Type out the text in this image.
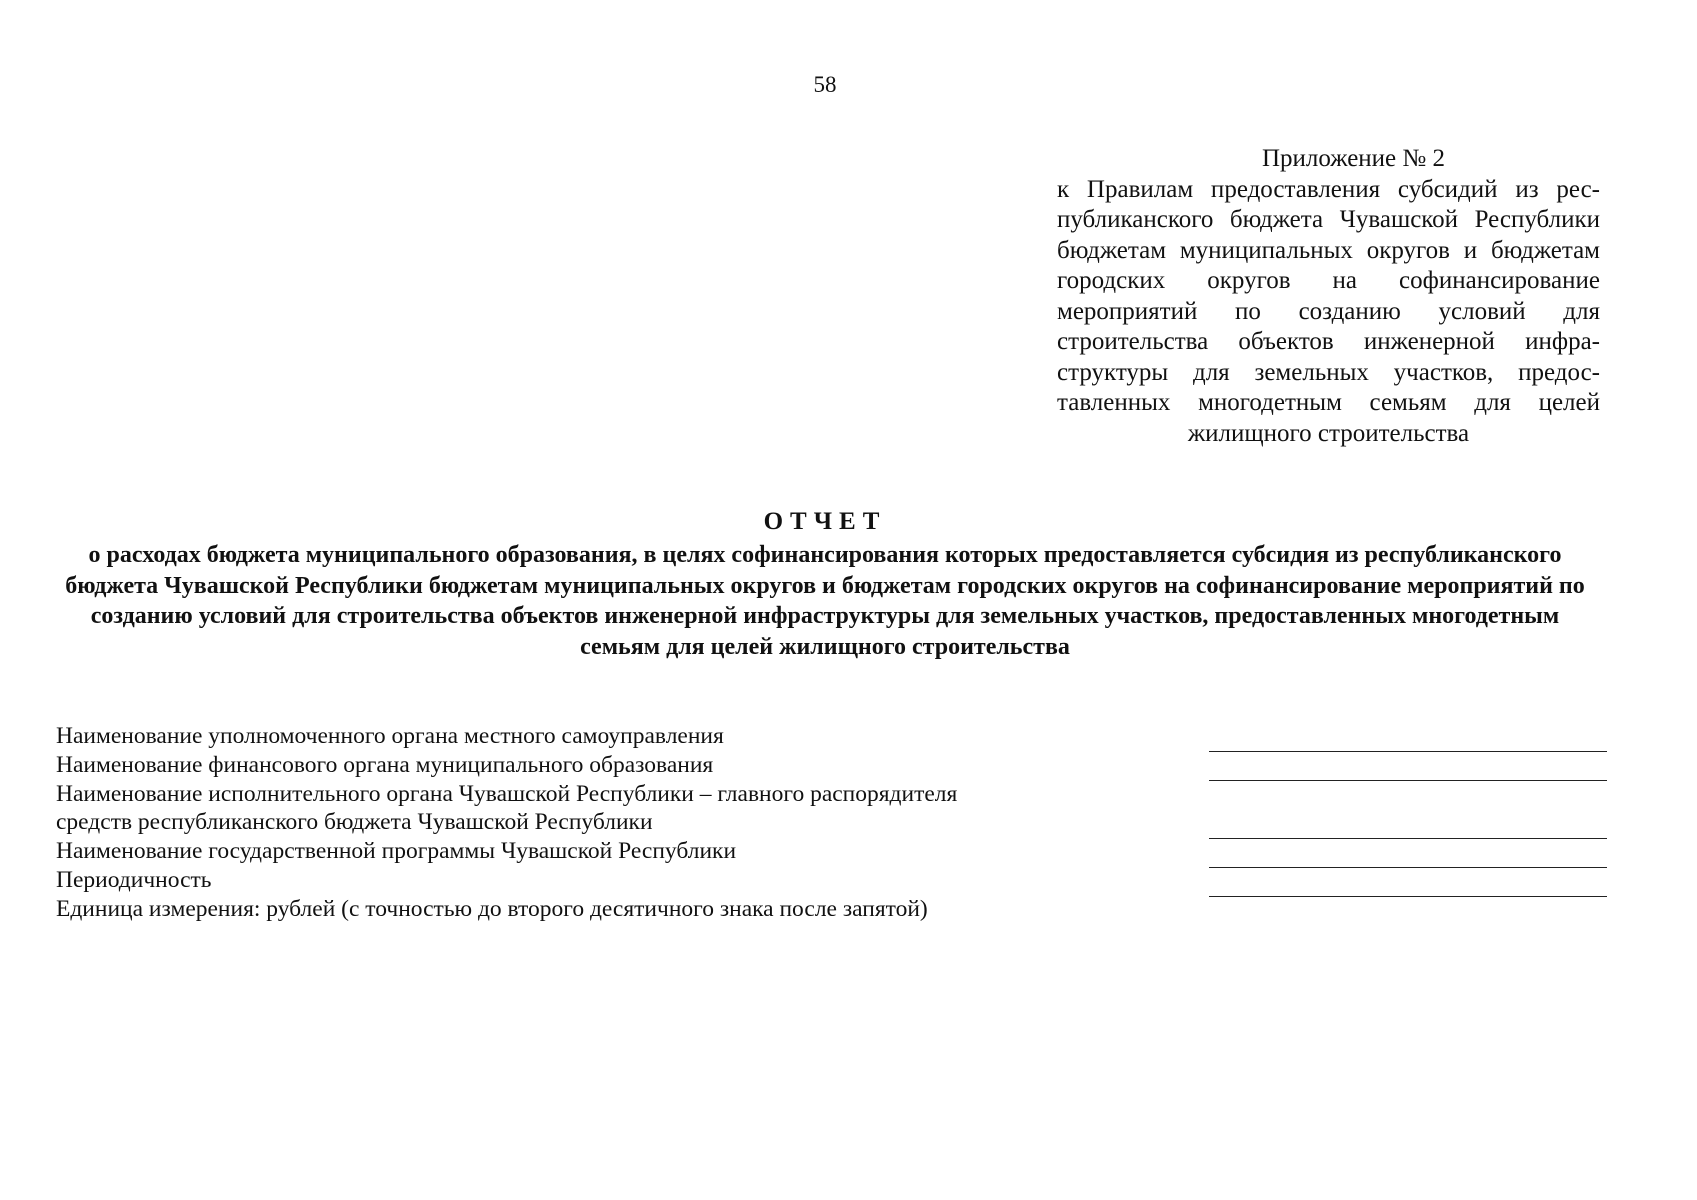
58
Приложение № 2
к Правилам предоставления субсидий из республиканского бюджета Чувашской Республики бюджетам муниципальных округов и бюджетам городских округов на софинансирование мероприятий по созданию условий для строительства объектов инженерной инфраструктуры для земельных участков, предоставленных многодетным семьям для целей жилищного строительства
ОТЧЕТ
о расходах бюджета муниципального образования, в целях софинансирования которых предоставляется субсидия из республиканского бюджета Чувашской Республики бюджетам муниципальных округов и бюджетам городских округов на софинансирование мероприятий по созданию условий для строительства объектов инженерной инфраструктуры для земельных участков, предоставленных многодетным семьям для целей жилищного строительства
Наименование уполномоченного органа местного самоуправления
Наименование финансового органа муниципального образования
Наименование исполнительного органа Чувашской Республики – главного распорядителя
средств республиканского бюджета Чувашской Республики
Наименование государственной программы Чувашской Республики
Периодичность
Единица измерения: рублей (с точностью до второго десятичного знака после запятой)
